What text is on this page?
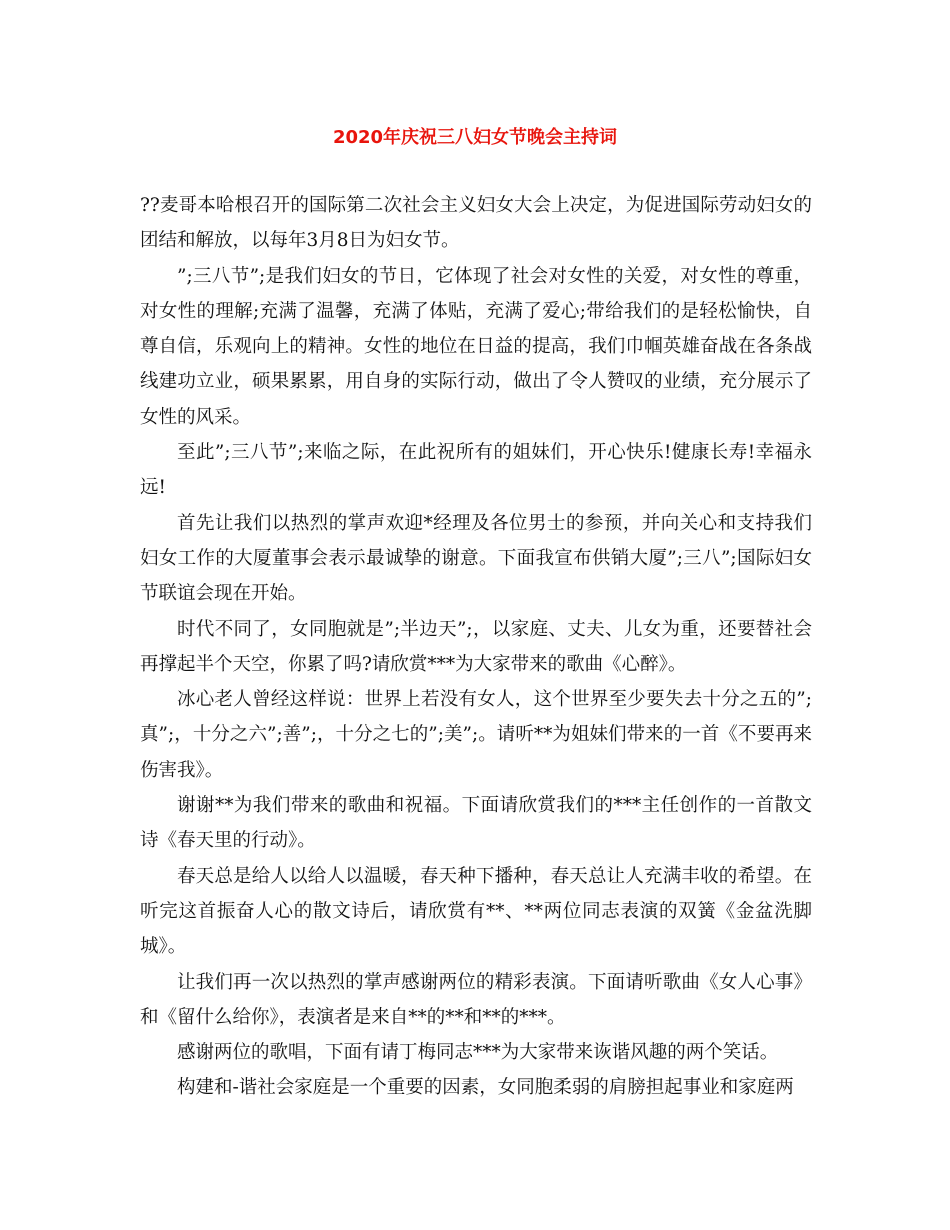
2020年庆祝三八妇女节晚会主持词

??麦哥本哈根召开的国际第二次社会主义妇女大会上决定，为促进国际劳动妇女的团结和解放，以每年3月8日为妇女节。

”;三八节”;是我们妇女的节日，它体现了社会对女性的关爱，对女性的尊重，对女性的理解;充满了温馨，充满了体贴，充满了爱心;带给我们的是轻松愉快，自尊自信，乐观向上的精神。女性的地位在日益的提高，我们巾帼英雄奋战在各条战线建功立业，硕果累累，用自身的实际行动，做出了令人赞叹的业绩，充分展示了女性的风采。

至此”;三八节”;来临之际，在此祝所有的姐妹们，开心快乐!健康长寿!幸福永远!

首先让我们以热烈的掌声欢迎*经理及各位男士的参预，并向关心和支持我们妇女工作的大厦董事会表示最诚挚的谢意。下面我宣布供销大厦”;三八”;国际妇女节联谊会现在开始。

时代不同了，女同胞就是”;半边天”;，以家庭、丈夫、儿女为重，还要替社会再撑起半个天空，你累了吗?请欣赏***为大家带来的歌曲《心醉》。

冰心老人曾经这样说：世界上若没有女人，这个世界至少要失去十分之五的”;真”;，十分之六”;善”;，十分之七的”;美”;。请听**为姐妹们带来的一首《不要再来伤害我》。

谢谢**为我们带来的歌曲和祝福。下面请欣赏我们的***主任创作的一首散文诗《春天里的行动》。

春天总是给人以给人以温暖，春天种下播种，春天总让人充满丰收的希望。在听完这首振奋人心的散文诗后，请欣赏有**、**两位同志表演的双簧《金盆洗脚城》。

让我们再一次以热烈的掌声感谢两位的精彩表演。下面请听歌曲《女人心事》和《留什么给你》，表演者是来自**的**和**的***。

感谢两位的歌唱，下面有请丁梅同志***为大家带来诙谐风趣的两个笑话。

构建和-谐社会家庭是一个重要的因素，女同胞柔弱的肩膀担起事业和家庭两
